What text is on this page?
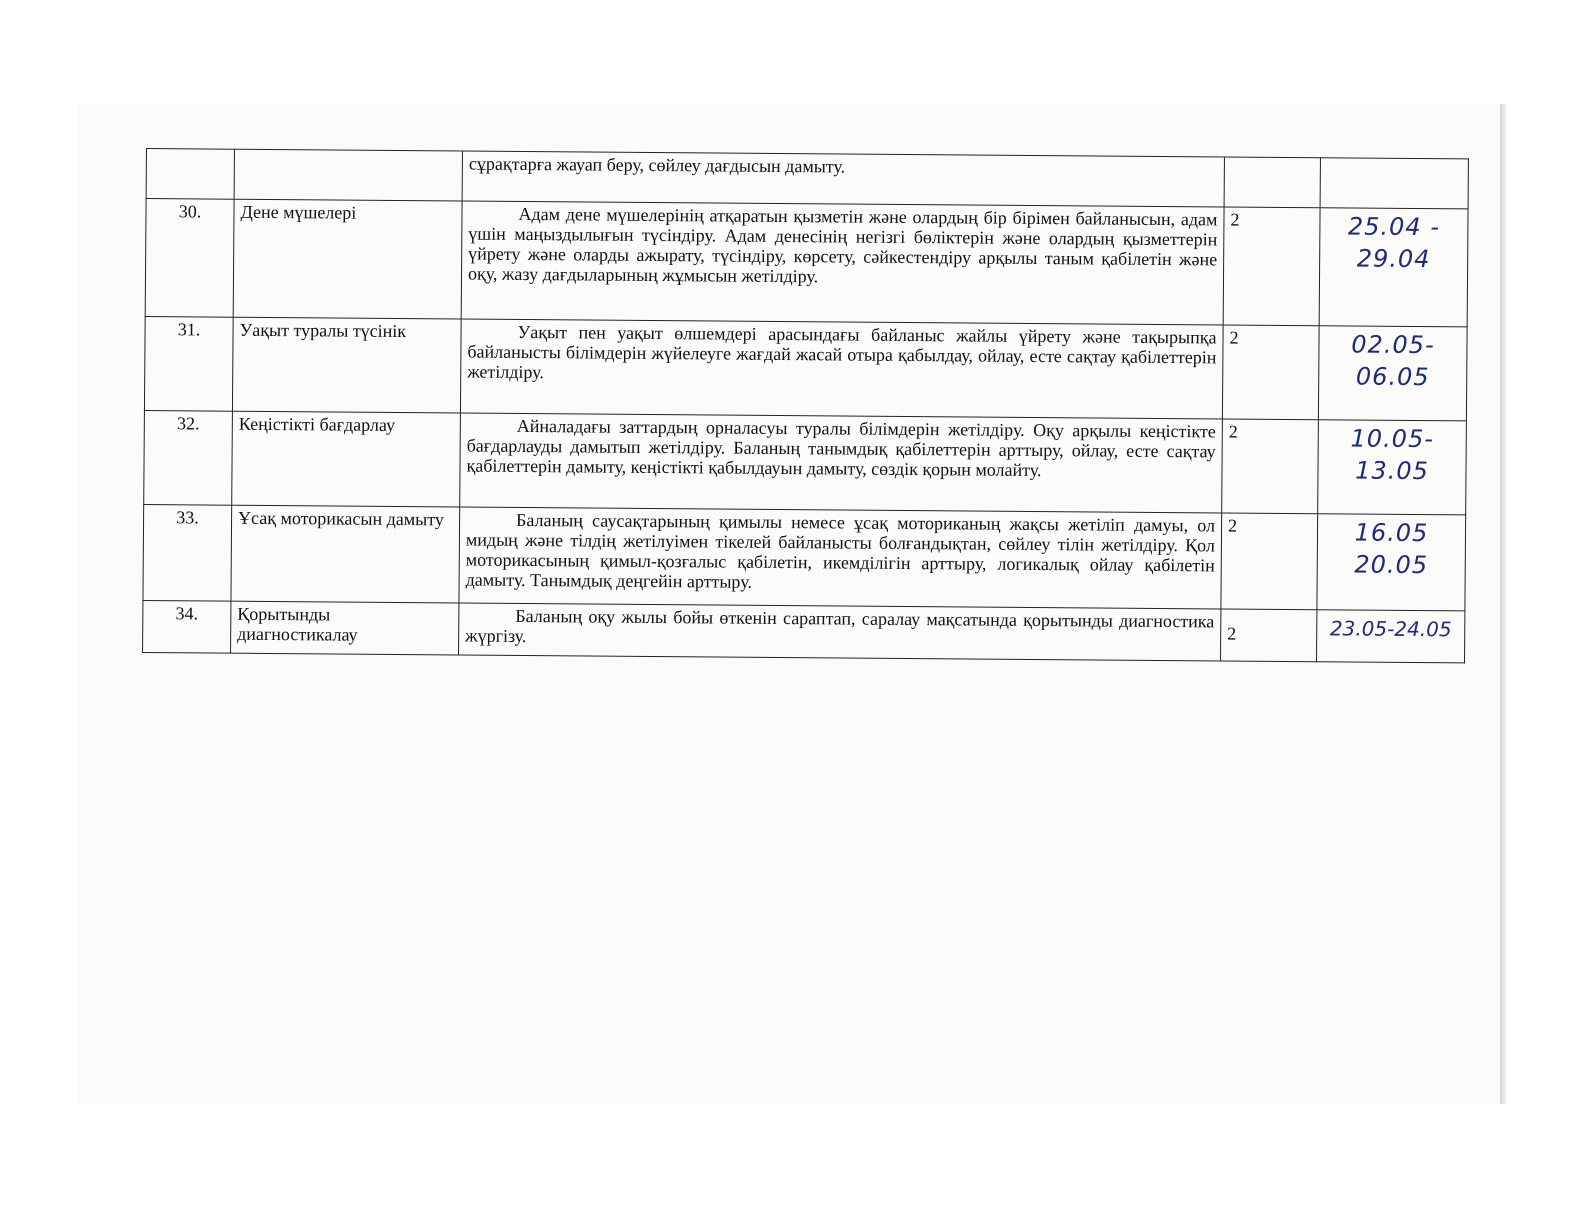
		сұрақтарға жауап беру, сөйлеу дағдысын дамыту.		
30.	Дене мүшелері	Адам дене мүшелерінің атқаратын қызметін және олардың бір бірімен байланысын, адам үшін маңыздылығын түсіндіру. Адам денесінің негізгі бөліктерін және олардың қызметтерін үйрету және оларды ажырату, түсіндіру, көрсету, сәйкестендіру арқылы таным қабілетін және оқу, жазу дағдыларының жұмысын жетілдіру.	2	25.04 -
29.04

31.	Уақыт туралы түсінік	Уақыт пен уақыт өлшемдері арасындағы байланыс жайлы үйрету және тақырыпқа байланысты білімдерін жүйелеуге жағдай жасай отыра қабылдау, ойлау, есте сақтау қабілеттерін жетілдіру.	2	02.05-
06.05

32.	Кеңістікті бағдарлау	Айналадағы заттардың орналасуы туралы білімдерін жетілдіру. Оқу арқылы кеңістікте бағдарлауды дамытып жетілдіру. Баланың танымдық қабілеттерін арттыру, ойлау, есте сақтау қабілеттерін дамыту, кеңістікті қабылдауын дамыту, сөздік қорын молайту.	2	10.05-
13.05

33.	Ұсақ моторикасын дамыту	Баланың саусақтарының қимылы немесе ұсақ моториканың жақсы жетіліп дамуы, ол мидың және тілдің жетілуімен тікелей байланысты болғандықтан, сөйлеу тілін жетілдіру. Қол моторикасының қимыл-қозғалыс қабілетін, икемділігін арттыру, логикалық ойлау қабілетін дамыту. Танымдық деңгейін арттыру.	2	16.05
20.05

34.	Қорытынды диагностикалау	Баланың оқу жылы бойы өткенін сараптап, саралау мақсатында қорытынды диагностика жүргізу.	2	23.05-24.05
